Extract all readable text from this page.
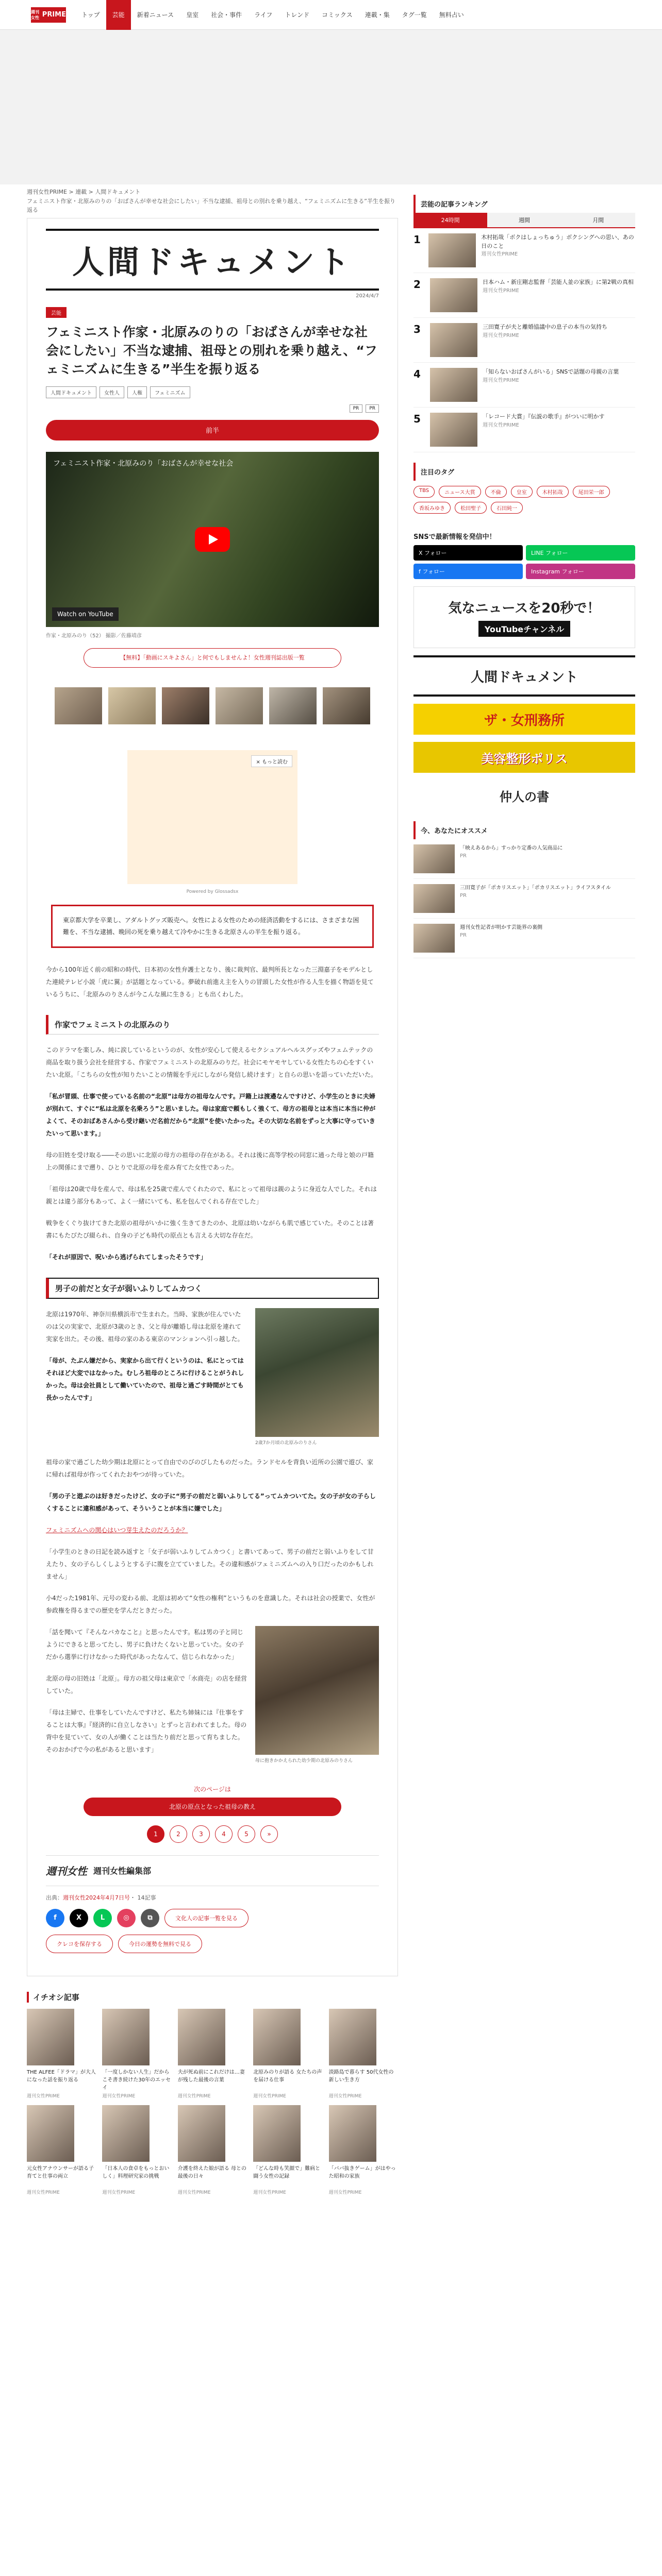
週刊女性 PRIME	トップ	芸能	新着ニュース	皇室	社会・事件	ライフ	トレンド	コミックス	連載・集	タグ一覧	無料占い
週刊女性PRIME > 連載 > 人間ドキュメント
フェミニスト作家・北原みのりの「おばさんが幸せな社会にしたい」不当な逮捕、祖母との別れを乗り越え、“フェミニズムに生きる”半生を振り返る
人間ドキュメント
2024/4/7
芸能
フェミニスト作家・北原みのりの「おばさんが幸せな社会にしたい」不当な逮捕、祖母との別れを乗り越え、“フェミニズムに生きる”半生を振り返る
人間ドキュメント	女性人	人権	フェミニズム
PR	PR
前半
フェミニスト作家・北原みのり「おばさんが幸せな社会
Watch on YouTube
作家・北原みのり（52） 撮影／佐藤靖彦
【無料】「動画にスキよさん」と何でもしませんよ！女性週刊誌出版一覧
× もっと読む
Powered by Glossadsx
東京都大学を卒業し、アダルトグッズ販売へ。女性による女性のための経済活動をするには、さまざまな困難を、不当な逮捕、晩回の死を乗り越えて冷やかに生きる北原さんの半生を振り返る。

今から100年近く前の昭和の時代、日本初の女性弁護士となり、後に裁判官、最判所長となった三淵嘉子をモデルとした連続テレビ小説「虎に翼」が話題となっている。夢破れ前進え主を入りの冒頭した女性が作る人生を描く物語を見ているうちに、「北原みのりさんが今こんな風に生きる」とも出くわした。

作家でフェミニストの北原みのり

このドラマを楽しみ、純に涙しているというのが、女性が安心して使えるセクシュアルヘルスグッズやフェムテックの商品を取り扱う会社を経営する、作家でフェミニストの北原みのりだ。社会にモヤモヤしている女性たちの心をすくいたい北原。「こちらの女性が知りたいことの情報を手元にしながら発信し続けます」と自らの思いを語っていただいた。

「私が冒頭、仕事で使っている名前の“北原”は母方の祖母なんです。戸籍上は渡邉なんですけど、小学生のときに夫婦が別れて、すぐに“私は北原を名乗ろう”と思いました。母は家庭で頼もしく強くて、母方の祖母とは本当に本当に仲がよくて、そのおばあさんから受け継いだ名前だから“北原”を使いたかった。その大切な名前をずっと大事に守っていきたいって思います。」

母の旧姓を受け取る――その思いに北原の母方の祖母の存在がある。それは後に高等学校の同窓に通った母と娘の戸籍上の関係にまで遡り、ひとりで北原の母を産み育てた女性であった。

「祖母は20歳で母を産んで、母は私を25歳で産んでくれたので、私にとって祖母は親のように身近な人でした。それは親とは違う部分もあって、よく一緒にいても、私を包んでくれる存在でした」

戦争をくぐり抜けてきた北原の祖母がいかに強く生きてきたのか、北原は幼いながらも肌で感じていた。そのことは著書にもたびたび綴られ、自身の子ども時代の原点とも言える大切な存在だ。

「それが原因で、呪いから逃げられてしまったそうです」

男子の前だと女子が弱いふりしてムカつく
2歳7か月頃の北原みのりさん

北原は1970年、神奈川県横浜市で生まれた。当時、家族が住んでいたのは父の実家で、北原が3歳のとき、父と母が離婚し母は北原を連れて実家を出た。その後、祖母の家のある東京のマンションへ引っ越した。

「母が、たぶん嫌だから、実家から出て行くというのは、私にとってはそれほど大変ではなかった。むしろ祖母のところに行けることがうれしかった。母は会社員として働いていたので、祖母と過ごす時間がとても長かったんです」

祖母の家で過ごした幼少期は北原にとって自由でのびのびしたものだった。ランドセルを背負い近所の公園で遊び、家に帰れば祖母が作ってくれたおやつが待っていた。

「男の子と遊ぶのは好きだったけど、女の子に“男子の前だと弱いふりしてる”ってムカついてた。女の子が女の子らしくすることに違和感があって、そういうことが本当に嫌でした」

フェミニズムへの関心はいつ芽生えたのだろうか？

「小学生のときの日記を読み返すと「女子が弱いふりしてムカつく」と書いてあって、男子の前だと弱いふりをして甘えたり、女の子らしくしようとする子に腹を立てていました。その違和感がフェミニズムへの入り口だったのかもしれません」

小4だった1981年、元号の変わる前、北原は初めて“女性の権利”というものを意識した。それは社会の授業で、女性が参政権を得るまでの歴史を学んだときだった。

母に抱きかかえられた幼少期の北原みのりさん

「話を聞いて『そんなバカなこと』と思ったんです。私は男の子と同じようにできると思ってたし、男子に負けたくないと思っていた。女の子だから選挙に行けなかった時代があったなんて、信じられなかった」

北原の母の旧姓は「北原」。母方の祖父母は東京で「水商売」の店を経営していた。

「母は主婦で、仕事をしていたんですけど、私たち姉妹には『仕事をすることは大事』『経済的に自立しなさい』とずっと言われてました。母の背中を見ていて、女の人が働くことは当たり前だと思って育ちました。そのおかげで今の私があると思います」

次のページは
北原の原点となった祖母の教え
1	2	3	4	5	»
週刊女性 週刊女性編集部
出典：週刊女性2024年4月7日号・ 14記事
f	X	L	◎	⧉	文化人の記事一覧を見る
クレコを保存する	今日の運勢を無料で見る
イチオシ記事
THE ALFEE「ドラマ」が大人になった話を振り返る
週刊女性PRIME
「一度しかない人生」だからこそ書き続けた30年のエッセイ
週刊女性PRIME
夫が死ぬ前にこれだけは…妻が残した最後の言葉
週刊女性PRIME
北原みのりが語る 女たちの声を届ける仕事
週刊女性PRIME
淡路島で暮らす 50代女性の新しい生き方
週刊女性PRIME
元女性アナウンサーが語る子育てと仕事の両立
週刊女性PRIME
「日本人の食卓をもっとおいしく」料理研究家の挑戦
週刊女性PRIME
介護を終えた娘が語る 母との最後の日々
週刊女性PRIME
「どんな時も笑顔で」難病と闘う女性の記録
週刊女性PRIME
「ババ抜きゲーム」がはやった昭和の家族
週刊女性PRIME
芸能の記事ランキング
24時間	週間	月間
1	木村拓哉「ボクはしょっちゅう」ボクシングへの思い、あの日のこと
週刊女性PRIME
2	日本ハム・新庄剛志監督「芸能人並の家族」に第2戦の真相
週刊女性PRIME
3	三田寛子が夫と離婚協議中の息子の本当の気持ち
週刊女性PRIME
4	「知らないおばさんがいる」SNSで話題の母親の言葉
週刊女性PRIME
5	「レコード大賞」『伝説の歌手』がついに明かす
週刊女性PRIME
注目のタグ
TBS	ニュース大賞	不倫	皇室	木村拓哉	尾田栄一郎
香坂みゆき	松田聖子	石田純一
SNSで最新情報を発信中！
X フォロー	LINE フォロー
f フォロー	Instagram フォロー
気なニュースを20秒で！
YouTubeチャンネル
人間ドキュメント
ザ・女刑務所
美容整形ポリス
仲人の書
今、あなたにオススメ
「映えあるから」すっかり定番の人気商品に
PR
三田寛子が「ポカリスエット」「ポカリスエット」ライフスタイル
PR
週刊女性記者が明かす芸能界の裏側
PR
